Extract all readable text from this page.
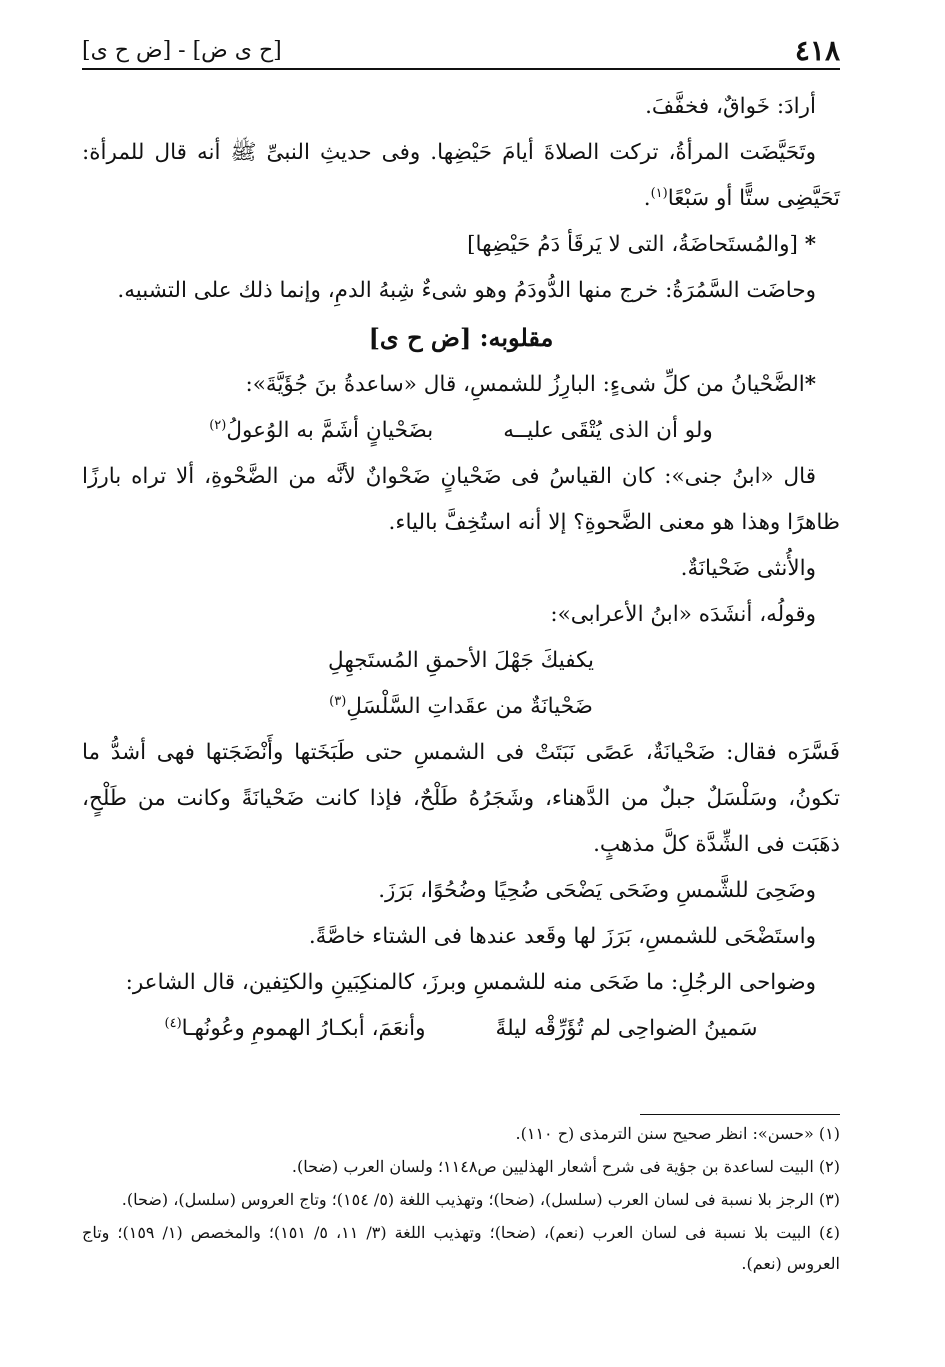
٤١٨
[ح ى ض] - [ض ح ى]

أرادَ: خَواقٌ، فخفَّفَ.

وتَحَيَّضَت المرأةُ، تركت الصلاةَ أيامَ حَيْضِها. وفى حديثِ النبىِّ ﷺ أنه قال للمرأة: تَحَيَّضِى ستًّا أو سَبْعًا$^{(١)}$.

* [والمُستَحاضَةُ، التى لا يَرقَأ دَمُ حَيْضِها]

وحاضَت السَّمُرَةُ: خرج منها الدُّودَمُ وهو شىءٌ شِبهُ الدمِ، وإنما ذلك على التشبيه.

مقلوبه: [ض ح ى]

*الضَّحْيانُ من كلِّ شىءٍ: البارِزُ للشمسِ، قال «ساعدةُ بنَ جُؤَيَّةَ»:

ولو أن الذى يُتْقَى عليــه
بضَحْيانٍ أشَمَّ به الوُعولُ$^{(٢)}$

قال «ابنُ جنى»: كان القياسُ فى ضَحْيانٍ ضَحْوانٌ لأنَّه من الضَّحْوةِ، ألا تراه بارزًا ظاهرًا وهذا هو معنى الضَّحوةِ؟ إلا أنه استُخِفَّ بالياء.

والأُنثى ضَحْيانَةٌ.

وقولُه، أنشَدَه «ابنُ الأعرابى»:

يكفيكَ جَهْلَ الأحمقِ المُستَجهِلِ
ضَحْيانَةٌ من عقَداتِ السَّلْسَلِ$^{(٣)}$

فَسَّرَه فقال: ضَحْيانَةٌ، عَصًى نَبَتَتْ فى الشمسِ حتى طَبَخَتها وأَنْضَجَتها فهى أشدُّ ما تكونُ، وسَلْسَلٌ جبلٌ من الدَّهناء، وشَجَرُهُ طَلْحٌ، فإذا كانت ضَحْيانَةً وكانت من طَلْحٍ، ذهَبَت فى الشِّدَّة كلَّ مذهبٍ.

وضَحِىَ للشَّمسِ وضَحَى يَضْحَى ضُحِيًا وضُحُوًا، بَرَزَ.

واستَضْحَى للشمسِ، بَرَزَ لها وقَعد عندها فى الشتاء خاصَّةً.

وضواحى الرجُلِ: ما ضَحَى منه للشمسِ وبرزَ، كالمنكِبَينِ والكتِفين، قال الشاعر:

سَمينُ الضواحِى لم تُؤَرِّقْه ليلةً
وأنعَمَ، أبكـارُ الهمومِ وعُونُهـا$^{(٤)}$

(١) «حسن»: انظر صحيح سنن الترمذى (ح ١١٠).

(٢) البيت لساعدة بن جؤية فى شرح أشعار الهذليين ص١١٤٨؛ ولسان العرب (ضحا).

(٣) الرجز بلا نسبة فى لسان العرب (سلسل)، (ضحا)؛ وتهذيب اللغة (٥/ ١٥٤)؛ وتاج العروس (سلسل)، (ضحا).

(٤) البيت بلا نسبة فى لسان العرب (نعم)، (ضحا)؛ وتهذيب اللغة (٣/ ١١، ٥/ ١٥١)؛ والمخصص (١/ ١٥٩)؛ وتاج العروس (نعم).
